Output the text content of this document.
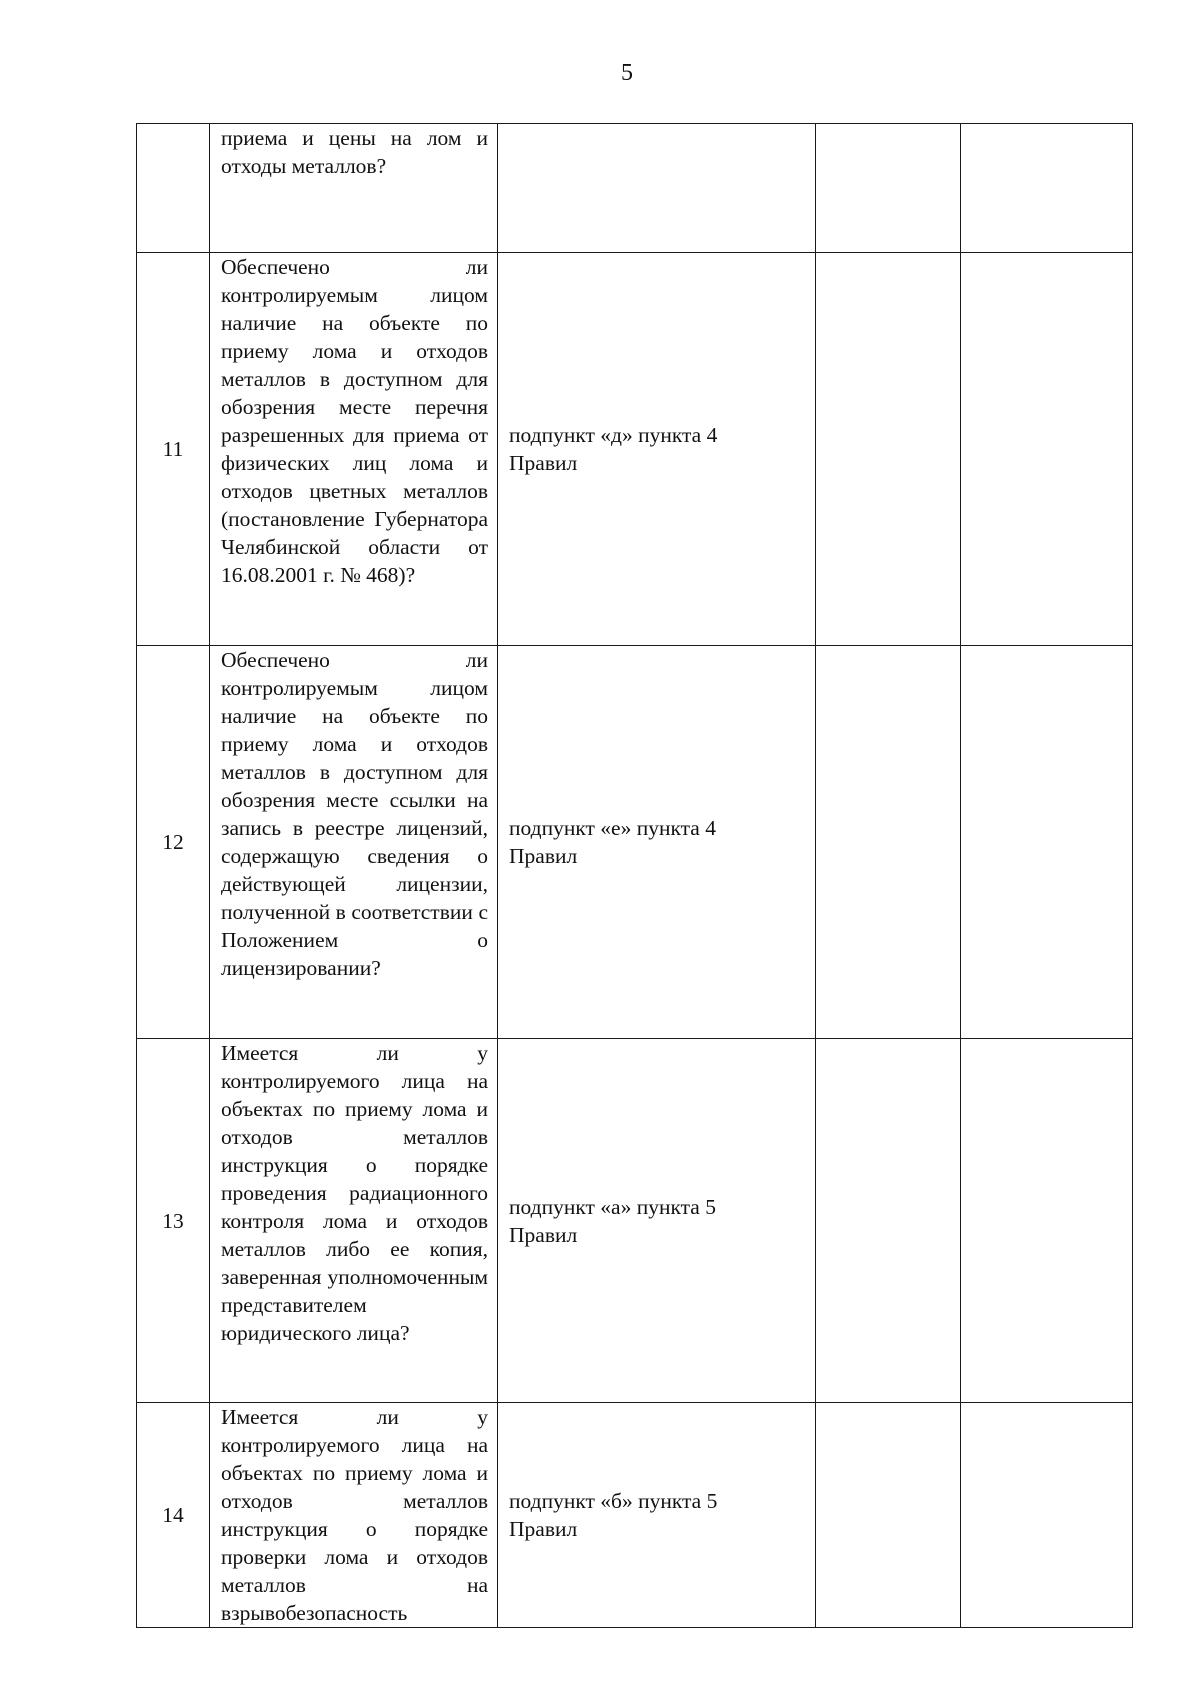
5

	приема и цены на лом и отходы металлов?			

11	Обеспечено ли контролируемым лицом наличие на объекте по приему лома и отходов металлов в доступном для обозрения месте перечня разрешенных для приема от физических лиц лома и отходов цветных металлов (постановление Губернатора Челябинской области от 16.08.2001 г. № 468)?	подпункт «д» пункта 4
Правил		

12	Обеспечено ли контролируемым лицом наличие на объекте по приему лома и отходов металлов в доступном для обозрения месте ссылки на запись в реестре лицензий, содержащую сведения о действующей лицензии, полученной в соответствии с Положением о лицензировании?	подпункт «е» пункта 4
Правил		

13	Имеется ли у контролируемого лица на объектах по приему лома и отходов металлов инструкция о порядке проведения радиационного контроля лома и отходов металлов либо ее копия, заверенная уполномоченным представителем юридического лица?	подпункт «а» пункта 5
Правил		

14	Имеется ли у контролируемого лица на объектах по приему лома и отходов металлов инструкция о порядке проверки лома и отходов металлов на взрывобезопасность	подпункт «б» пункта 5
Правил		
